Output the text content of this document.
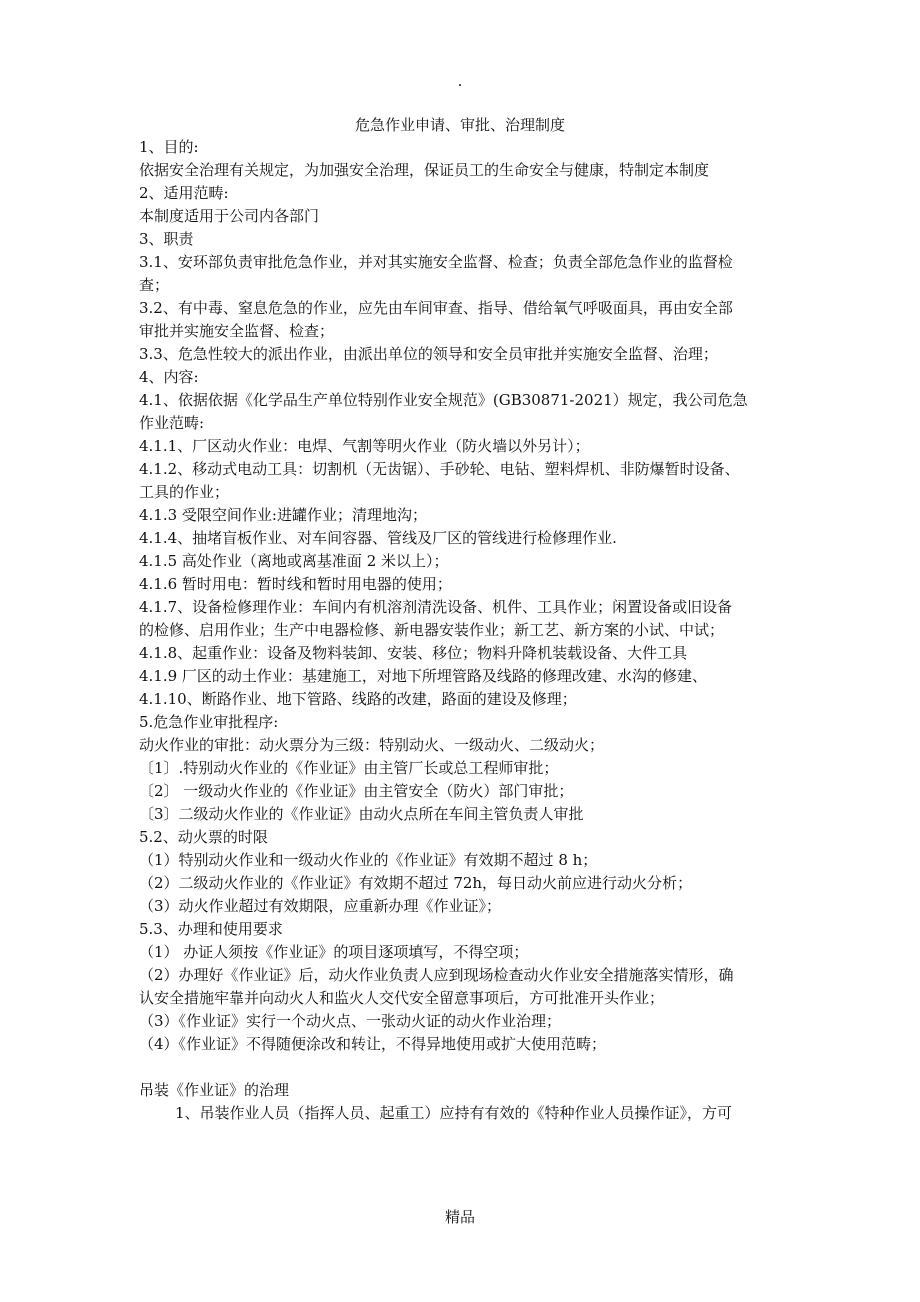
.
危急作业申请、审批、治理制度
1、目的:
依据安全治理有关规定，为加强安全治理，保证员工的生命安全与健康，特制定本制度
2、适用范畴:
本制度适用于公司内各部门
3、职责
3.1、安环部负责审批危急作业，并对其实施安全监督、检查；负责全部危急作业的监督检
查；
3.2、有中毒、窒息危急的作业，应先由车间审查、指导、借给氧气呼吸面具，再由安全部
审批并实施安全监督、检查；
3.3、危急性较大的派出作业，由派出单位的领导和安全员审批并实施安全监督、治理；
4、内容:
4.1、依据依据《化学品生产单位特别作业安全规范》(GB30871-2021）规定，我公司危急
作业范畴:
4.1.1、厂区动火作业：电焊、气割等明火作业（防火墙以外另计）；
4.1.2、移动式电动工具：切割机（无齿锯）、手砂轮、电钻、塑料焊机、非防爆暂时设备、
工具的作业；
4.1.3 受限空间作业:进罐作业；清理地沟；
4.1.4、抽堵盲板作业、对车间容器、管线及厂区的管线进行检修理作业.
4.1.5 高处作业（离地或离基准面 2 米以上）；
4.1.6 暂时用电：暂时线和暂时用电器的使用；
4.1.7、设备检修理作业：车间内有机溶剂清洗设备、机件、工具作业；闲置设备或旧设备
的检修、启用作业；生产中电器检修、新电器安装作业；新工艺、新方案的小试、中试；
4.1.8、起重作业：设备及物料装卸、安装、移位；物料升降机装载设备、大件工具
4.1.9 厂区的动土作业：基建施工，对地下所埋管路及线路的修理改建、水沟的修建、
4.1.10、断路作业、地下管路、线路的改建，路面的建设及修理；
5.危急作业审批程序:
动火作业的审批：动火票分为三级：特别动火、一级动火、二级动火；
〔1〕.特别动火作业的《作业证》由主管厂长或总工程师审批；
〔2〕 一级动火作业的《作业证》由主管安全（防火）部门审批；
〔3〕二级动火作业的《作业证》由动火点所在车间主管负责人审批
5.2、动火票的时限
（1）特别动火作业和一级动火作业的《作业证》有效期不超过 8 h；
（2）二级动火作业的《作业证》有效期不超过 72h，每日动火前应进行动火分析；
（3）动火作业超过有效期限，应重新办理《作业证》；
5.3、办理和使用要求
（1） 办证人须按《作业证》的项目逐项填写，不得空项；
（2）办理好《作业证》后，动火作业负责人应到现场检查动火作业安全措施落实情形，确
认安全措施牢靠并向动火人和监火人交代安全留意事项后，方可批准开头作业；
（3）《作业证》实行一个动火点、一张动火证的动火作业治理；
（4）《作业证》不得随便涂改和转让，不得异地使用或扩大使用范畴；
吊装《作业证》的治理
1、吊装作业人员（指挥人员、起重工）应持有有效的《特种作业人员操作证》，方可
精品
